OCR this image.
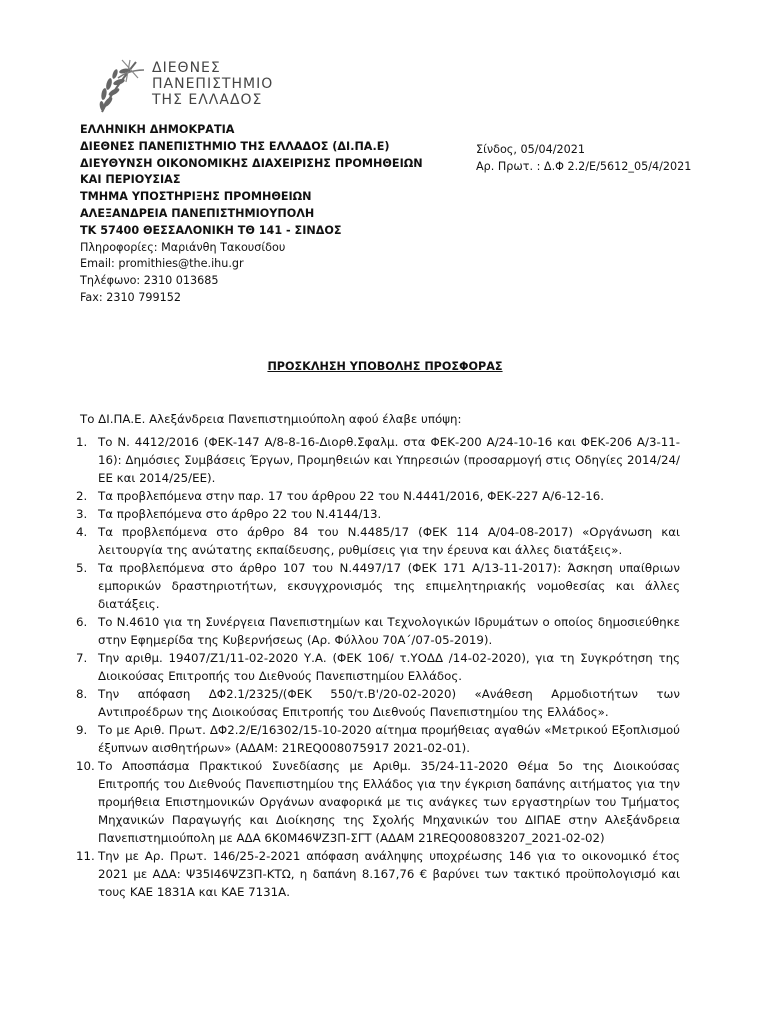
ΔΙΕΘΝΕΣ
ΠΑΝΕΠΙΣΤΗΜΙΟ
ΤΗΣ ΕΛΛΑΔΟΣ
ΕΛΛΗΝΙΚΗ ΔΗΜΟΚΡΑΤΙΑ
ΔΙΕΘΝΕΣ ΠΑΝΕΠΙΣΤΗΜΙΟ ΤΗΣ ΕΛΛΑΔΟΣ (ΔΙ.ΠΑ.Ε)
ΔΙΕΥΘΥΝΣΗ ΟΙΚΟΝΟΜΙΚΗΣ ΔΙΑΧΕΙΡΙΣΗΣ ΠΡΟΜΗΘΕΙΩΝ
ΚΑΙ ΠΕΡΙΟΥΣΙΑΣ
ΤΜΗΜΑ ΥΠΟΣΤΗΡΙΞΗΣ ΠΡΟΜΗΘΕΙΩΝ
ΑΛΕΞΑΝΔΡΕΙΑ ΠΑΝΕΠΙΣΤΗΜΙΟΥΠΟΛΗ
ΤΚ 57400 ΘΕΣΣΑΛΟΝΙΚΗ ΤΘ 141 - ΣΙΝΔΟΣ
Πληροφορίες: Μαριάνθη Τακουσίδου
Email: promithies@the.ihu.gr
Τηλέφωνο: 2310 013685
Fax: 2310 799152
Σίνδος, 05/04/2021
Αρ. Πρωτ. : Δ.Φ 2.2/Ε/5612_05/4/2021
ΠΡΟΣΚΛΗΣΗ ΥΠΟΒΟΛΗΣ ΠΡΟΣΦΟΡΑΣ
Το ΔΙ.ΠΑ.Ε. Αλεξάνδρεια Πανεπιστημιούπολη αφού έλαβε υπόψη:
1. Το Ν. 4412/2016 (ΦΕΚ-147 Α/8-8-16-Διορθ.Σφαλμ. στα ΦΕΚ-200 Α/24-10-16 και ΦΕΚ-206 Α/3-11-16): Δημόσιες Συμβάσεις Έργων, Προμηθειών και Υπηρεσιών (προσαρμογή στις Οδηγίες 2014/24/ΕΕ και 2014/25/ΕΕ).
2. Τα προβλεπόμενα στην παρ. 17 του άρθρου 22 του Ν.4441/2016, ΦΕΚ-227 Α/6-12-16.
3. Τα προβλεπόμενα στο άρθρο 22 του Ν.4144/13.
4. Τα προβλεπόμενα στο άρθρο 84 του Ν.4485/17 (ΦΕΚ 114 Α/04-08-2017) «Οργάνωση και λειτουργία της ανώτατης εκπαίδευσης, ρυθμίσεις για την έρευνα και άλλες διατάξεις».
5. Τα προβλεπόμενα στο άρθρο 107 του Ν.4497/17 (ΦΕΚ 171 Α/13-11-2017): Άσκηση υπαίθριων εμπορικών δραστηριοτήτων, εκσυγχρονισμός της επιμελητηριακής νομοθεσίας και άλλες διατάξεις.
6. Το Ν.4610 για τη Συνέργεια Πανεπιστημίων και Τεχνολογικών Ιδρυμάτων ο οποίος δημοσιεύθηκε στην Εφημερίδα της Κυβερνήσεως (Αρ. Φύλλου 70Α΄/07-05-2019).
7. Την αριθμ. 19407/Ζ1/11-02-2020 Υ.Α. (ΦΕΚ 106/ τ.ΥΟΔΔ /14-02-2020), για τη Συγκρότηση της Διοικούσας Επιτροπής του Διεθνούς Πανεπιστημίου Ελλάδος.
8. Την απόφαση ΔΦ2.1/2325/(ΦΕΚ 550/τ.Β'/20-02-2020) «Ανάθεση Αρμοδιοτήτων των Αντιπροέδρων της Διοικούσας Επιτροπής του Διεθνούς Πανεπιστημίου της Ελλάδος».
9. Το με Αριθ. Πρωτ. ΔΦ2.2/Ε/16302/15-10-2020 αίτημα προμήθειας αγαθών «Μετρικού Εξοπλισμού έξυπνων αισθητήρων» (ΑΔΑΜ: 21REQ008075917 2021-02-01).
10. Το Αποσπάσμα Πρακτικού Συνεδίασης με Αριθμ. 35/24-11-2020 Θέμα 5ο της Διοικούσας Επιτροπής του Διεθνούς Πανεπιστημίου της Ελλάδος για την έγκριση δαπάνης αιτήματος για την προμήθεια Επιστημονικών Οργάνων αναφορικά με τις ανάγκες των εργαστηρίων του Τμήματος Μηχανικών Παραγωγής και Διοίκησης της Σχολής Μηχανικών του ΔΙΠΑΕ στην Αλεξάνδρεια Πανεπιστημιούπολη με ΑΔΑ 6Κ0Μ46ΨΖ3Π-ΣΓΤ (ΑΔΑΜ 21REQ008083207_2021-02-02)
11. Την με Αρ. Πρωτ. 146/25-2-2021 απόφαση ανάληψης υποχρέωσης 146 για το οικονομικό έτος 2021 με ΑΔΑ: Ψ35Ι46ΨΖ3Π-ΚΤΩ, η δαπάνη 8.167,76 € βαρύνει των τακτικό προϋπολογισμό και τους ΚΑΕ 1831Α και ΚΑΕ 7131Α.
